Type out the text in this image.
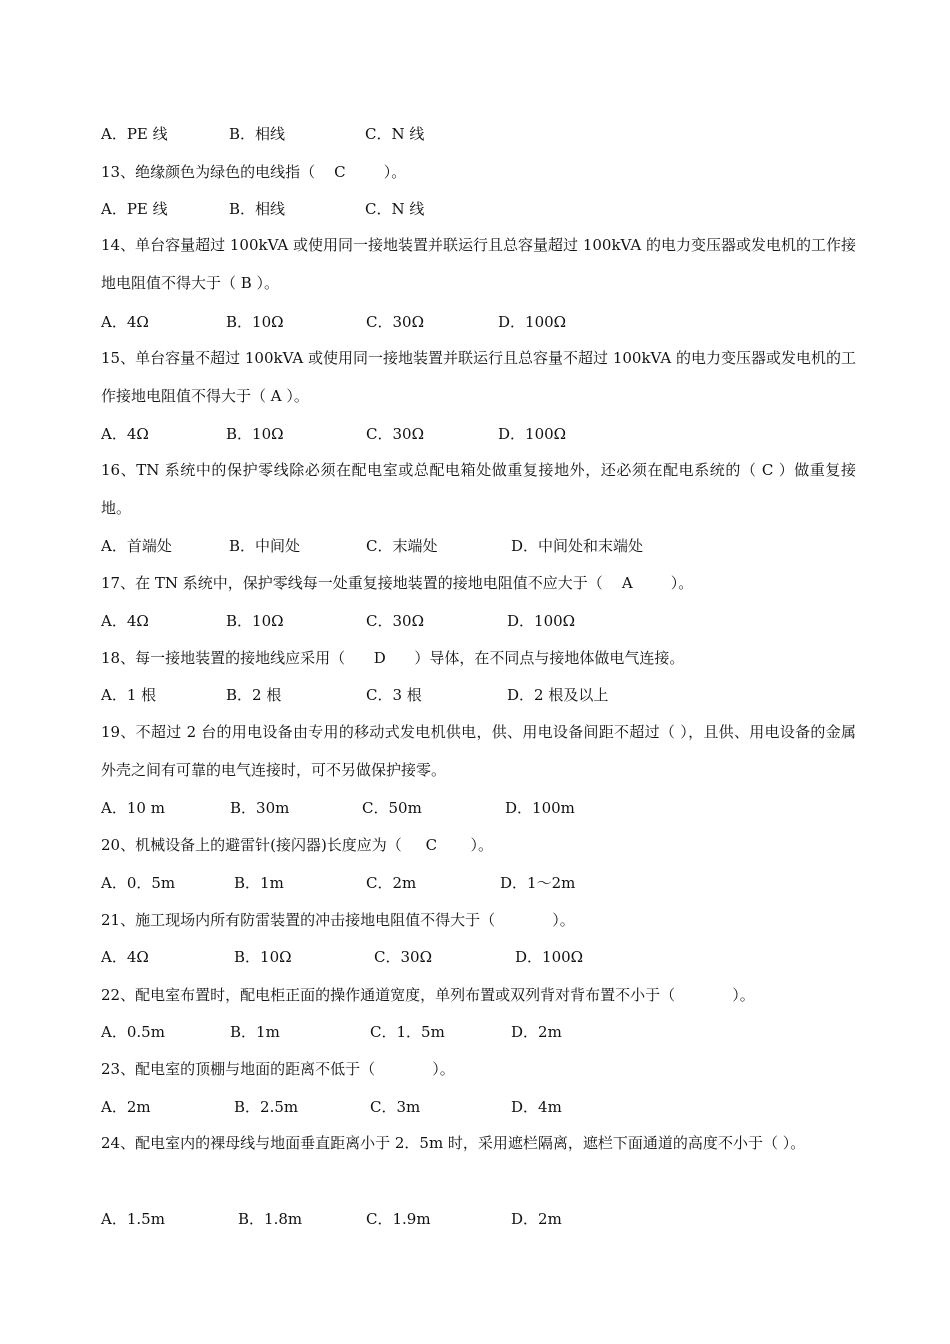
A．PE 线	B．相线	C．N 线
13、绝缘颜色为绿色的电线指（    C        ）。
A．PE 线	B．相线	C．N 线
14、单台容量超过 100kVA 或使用同一接地装置并联运行且总容量超过 100kVA 的电力变压器或发电机的工作接地电阻值不得大于（ B ）。
A．4Ω	B．10Ω	C．30Ω	D．100Ω
15、单台容量不超过 100kVA 或使用同一接地装置并联运行且总容量不超过 100kVA 的电力变压器或发电机的工作接地电阻值不得大于（ A ）。
A．4Ω	B．10Ω	C．30Ω	D．100Ω
16、TN 系统中的保护零线除必须在配电室或总配电箱处做重复接地外，还必须在配电系统的（ C ）做重复接地。
A．首端处	B．中间处	C．末端处	D．中间处和末端处
17、在 TN 系统中，保护零线每一处重复接地装置的接地电阻值不应大于（    A        ）。
A．4Ω	B．10Ω	C．30Ω	D．100Ω
18、每一接地装置的接地线应采用（      D      ）导体，在不同点与接地体做电气连接。
A．1 根	B．2 根	C．3 根	D．2 根及以上
19、不超过 2 台的用电设备由专用的移动式发电机供电，供、用电设备间距不超过（ ），且供、用电设备的金属外壳之间有可靠的电气连接时，可不另做保护接零。
A．10 m	B．30m	C．50m	D．100m
20、机械设备上的避雷针(接闪器)长度应为（     C       ）。
A．0．5m	B．1m	C．2m	D．1～2m
21、施工现场内所有防雷装置的冲击接地电阻值不得大于（            ）。
A．4Ω	B．10Ω	C．30Ω	D．100Ω
22、配电室布置时，配电柜正面的操作通道宽度，单列布置或双列背对背布置不小于（            ）。
A．0.5m	B．1m	C．1．5m	D．2m
23、配电室的顶棚与地面的距离不低于（            ）。
A．2m	B．2.5m	C．3m	D．4m
24、配电室内的裸母线与地面垂直距离小于 2．5m 时，采用遮栏隔离，遮栏下面通道的高度不小于（ ）。
A．1.5m	B．1.8m	C．1.9m	D．2m
